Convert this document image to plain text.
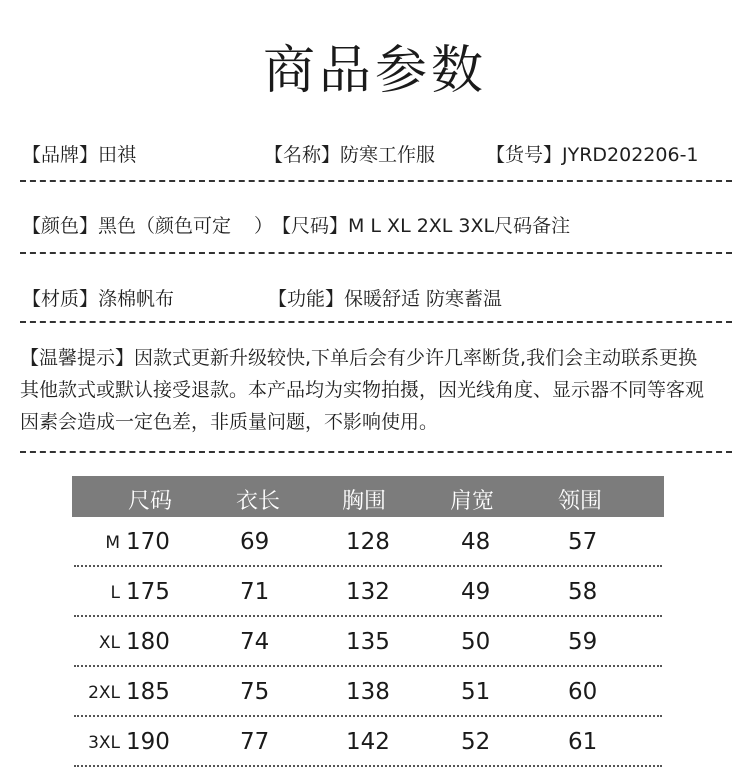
商品参数
【品牌】田祺	【名称】防寒工作服	【货号】JYRD202206-1
【颜色】黑色（颜色可定 ）
【尺码】M L XL 2XL 3XL尺码备注
【材质】涤棉帆布	【功能】保暖舒适 防寒蓄温
【温馨提示】因款式更新升级较快,下单后会有少许几率断货,我们会主动联系更换
其他款式或默认接受退款。本产品均为实物拍摄，因光线角度、显示器不同等客观
因素会造成一定色差，非质量问题，不影响使用。
尺码	衣长	胸围	肩宽	领围
M 170	69	128	48	57
L 175	71	132	49	58
XL 180	74	135	50	59
2XL 185	75	138	51	60
3XL 190	77	142	52	61
